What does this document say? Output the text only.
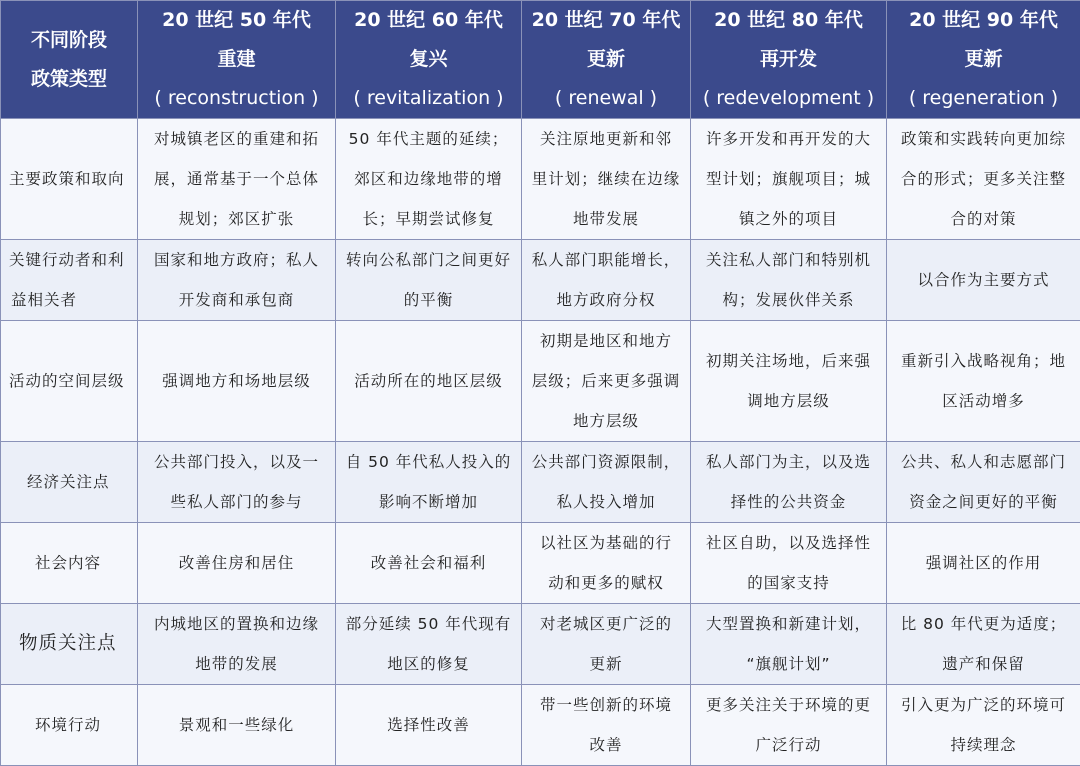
不同阶段
政策类型	20 世纪 50 年代
重建
( reconstruction )	20 世纪 60 年代
复兴
( revitalization )	20 世纪 70 年代
更新
( renewal )	20 世纪 80 年代
再开发
( redevelopment )	20 世纪 90 年代
更新
( regeneration )

主要政策和取向	对城镇老区的重建和拓
展，通常基于一个总体
规划；郊区扩张	50 年代主题的延续；
郊区和边缘地带的增
长；早期尝试修复	关注原地更新和邻
里计划；继续在边缘
地带发展	许多开发和再开发的大
型计划；旗舰项目；城
镇之外的项目	政策和实践转向更加综
合的形式；更多关注整
合的对策

关键行动者和利
益相关者	国家和地方政府；私人
开发商和承包商	转向公私部门之间更好
的平衡	私人部门职能增长，
地方政府分权	关注私人部门和特别机
构；发展伙伴关系	以合作为主要方式

活动的空间层级	强调地方和场地层级	活动所在的地区层级	初期是地区和地方
层级；后来更多强调
地方层级	初期关注场地，后来强
调地方层级	重新引入战略视角；地
区活动增多

经济关注点	公共部门投入，以及一
些私人部门的参与	自 50 年代私人投入的
影响不断增加	公共部门资源限制，
私人投入增加	私人部门为主，以及选
择性的公共资金	公共、私人和志愿部门
资金之间更好的平衡

社会内容	改善住房和居住	改善社会和福利	以社区为基础的行
动和更多的赋权	社区自助，以及选择性
的国家支持	强调社区的作用

物质关注点	内城地区的置换和边缘
地带的发展	部分延续 50 年代现有
地区的修复	对老城区更广泛的
更新	大型置换和新建计划，
“旗舰计划”	比 80 年代更为适度；
遗产和保留

环境行动	景观和一些绿化	选择性改善	带一些创新的环境
改善	更多关注关于环境的更
广泛行动	引入更为广泛的环境可
持续理念
